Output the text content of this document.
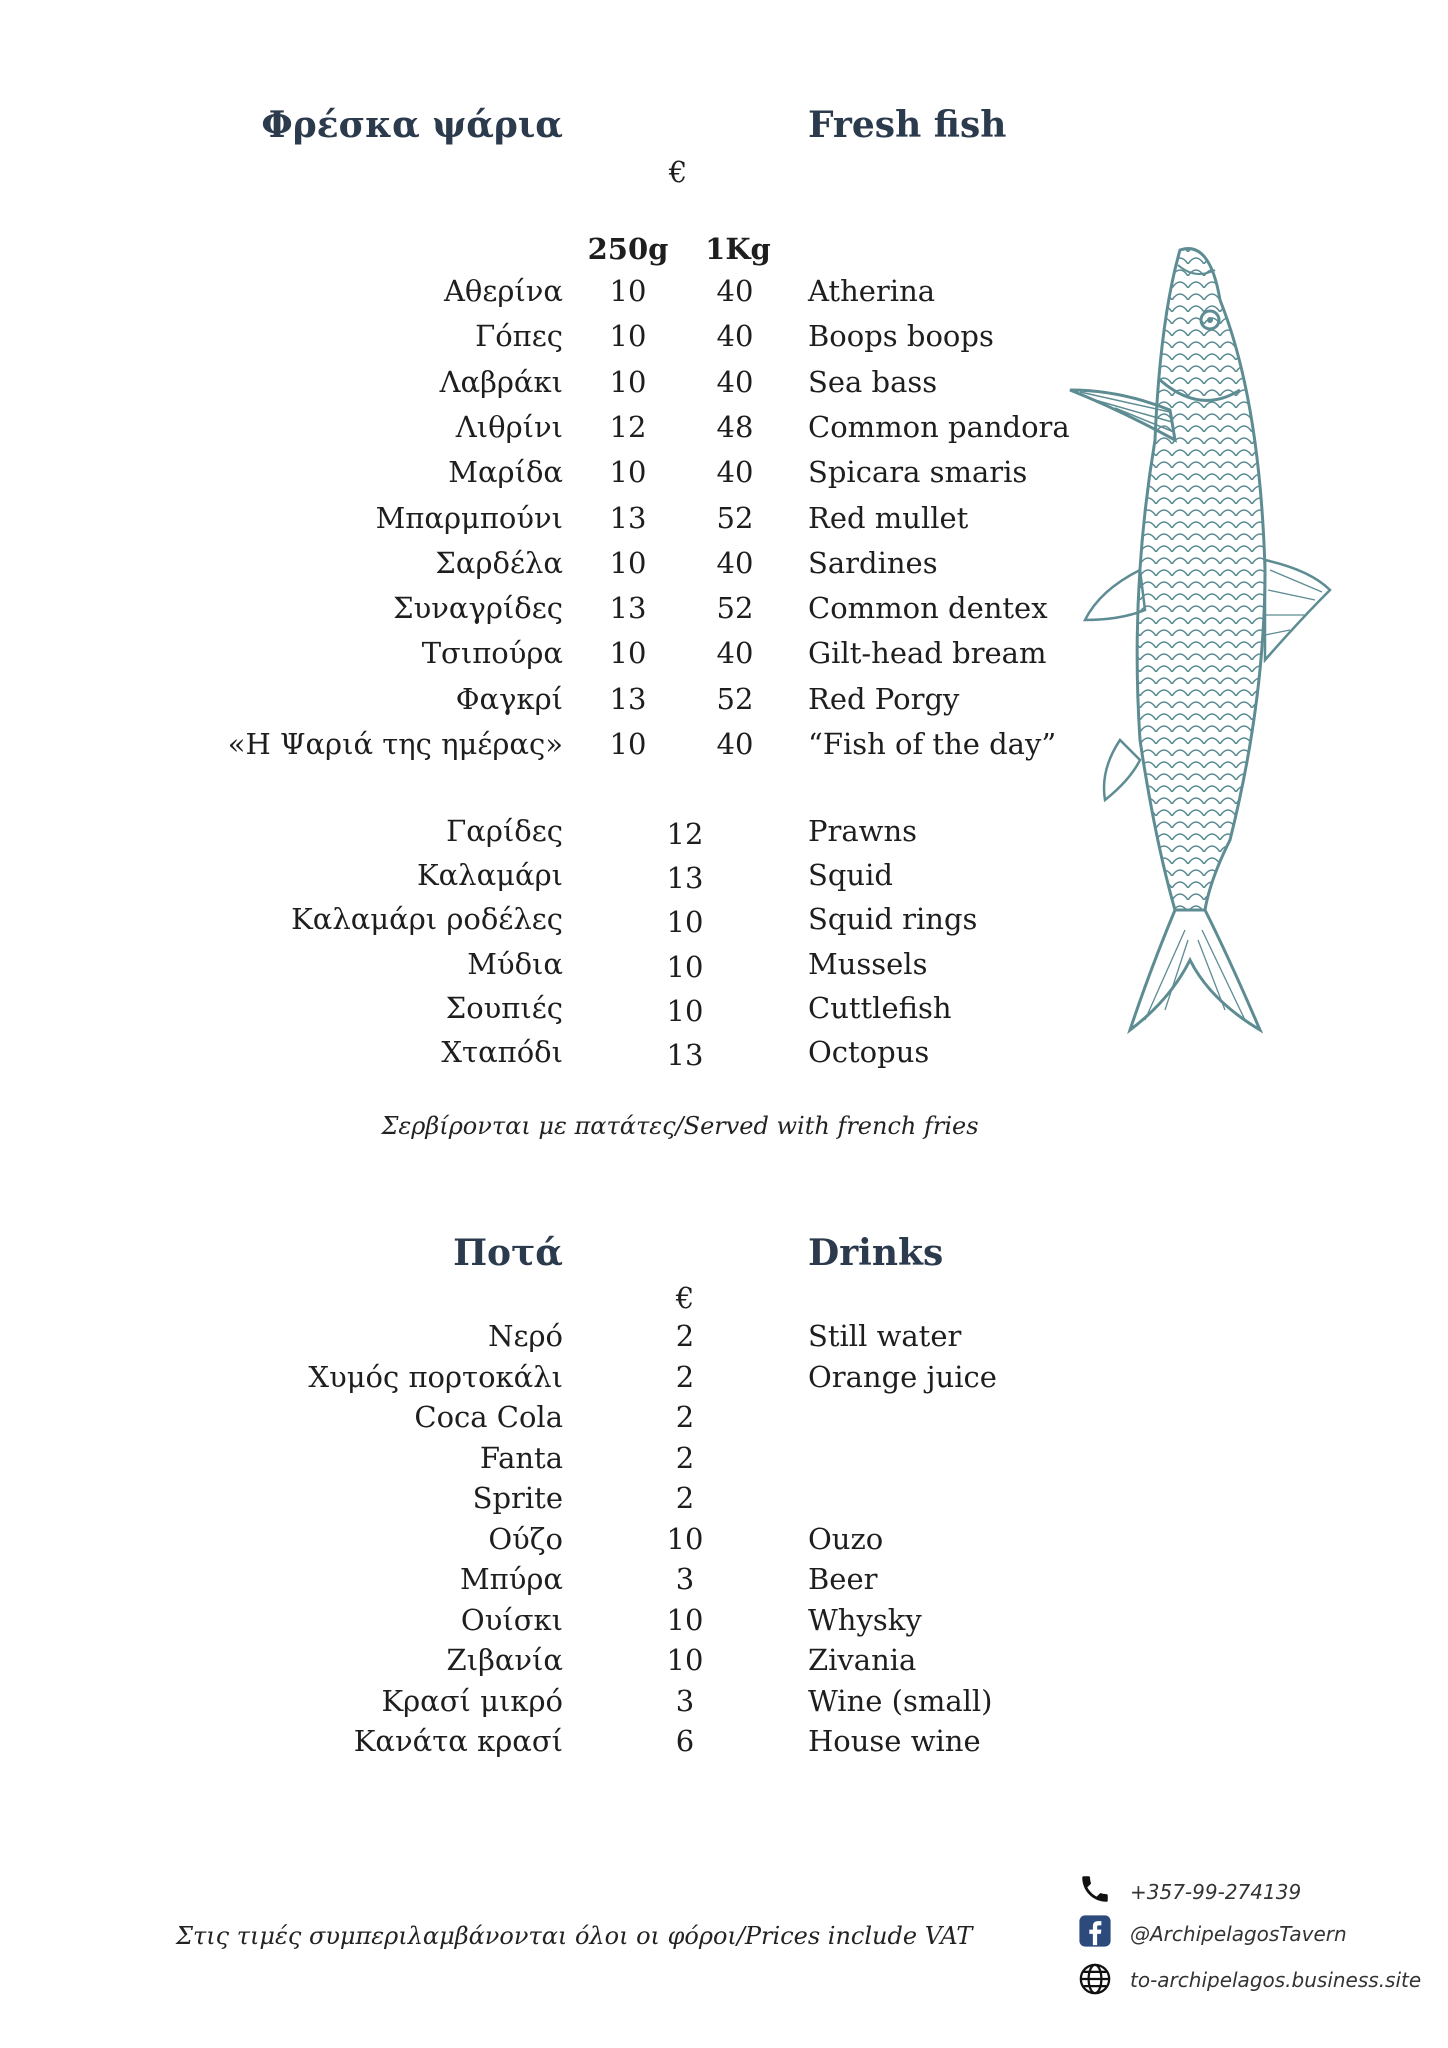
Φρέσκα ψάρια	Fresh fish
€
250g	1Kg
Αθερίνα	10	40	Atherina
Γόπες	10	40	Boops boops
Λαβράκι	10	40	Sea bass
Λιθρίνι	12	48	Common pandora
Μαρίδα	10	40	Spicara smaris
Μπαρμπούνι	13	52	Red mullet
Σαρδέλα	10	40	Sardines
Συναγρίδες	13	52	Common dentex
Τσιπούρα	10	40	Gilt-head bream
Φαγκρί	13	52	Red Porgy
«Η Ψαριά της ημέρας»	10	40	“Fish of the day”
Γαρίδες	12	Prawns
Καλαμάρι	13	Squid
Καλαμάρι ροδέλες	10	Squid rings
Μύδια	10	Mussels
Σουπιές	10	Cuttlefish
Χταπόδι	13	Octopus
Σερβίρονται με πατάτες/Served with french fries
Ποτά	Drinks
€
Νερό	2	Still water
Χυμός πορτοκάλι	2	Orange juice
Coca Cola	2
Fanta	2
Sprite	2
Ούζο	10	Ouzo
Μπύρα	3	Beer
Ουίσκι	10	Whysky
Ζιβανία	10	Zivania
Κρασί μικρό	3	Wine (small)
Κανάτα κρασί	6	House wine
Στις τιμές συμπεριλαμβάνονται όλοι οι φόροι/Prices include VAT
+357-99-274139
@ArchipelagosTavern
to-archipelagos.business.site
